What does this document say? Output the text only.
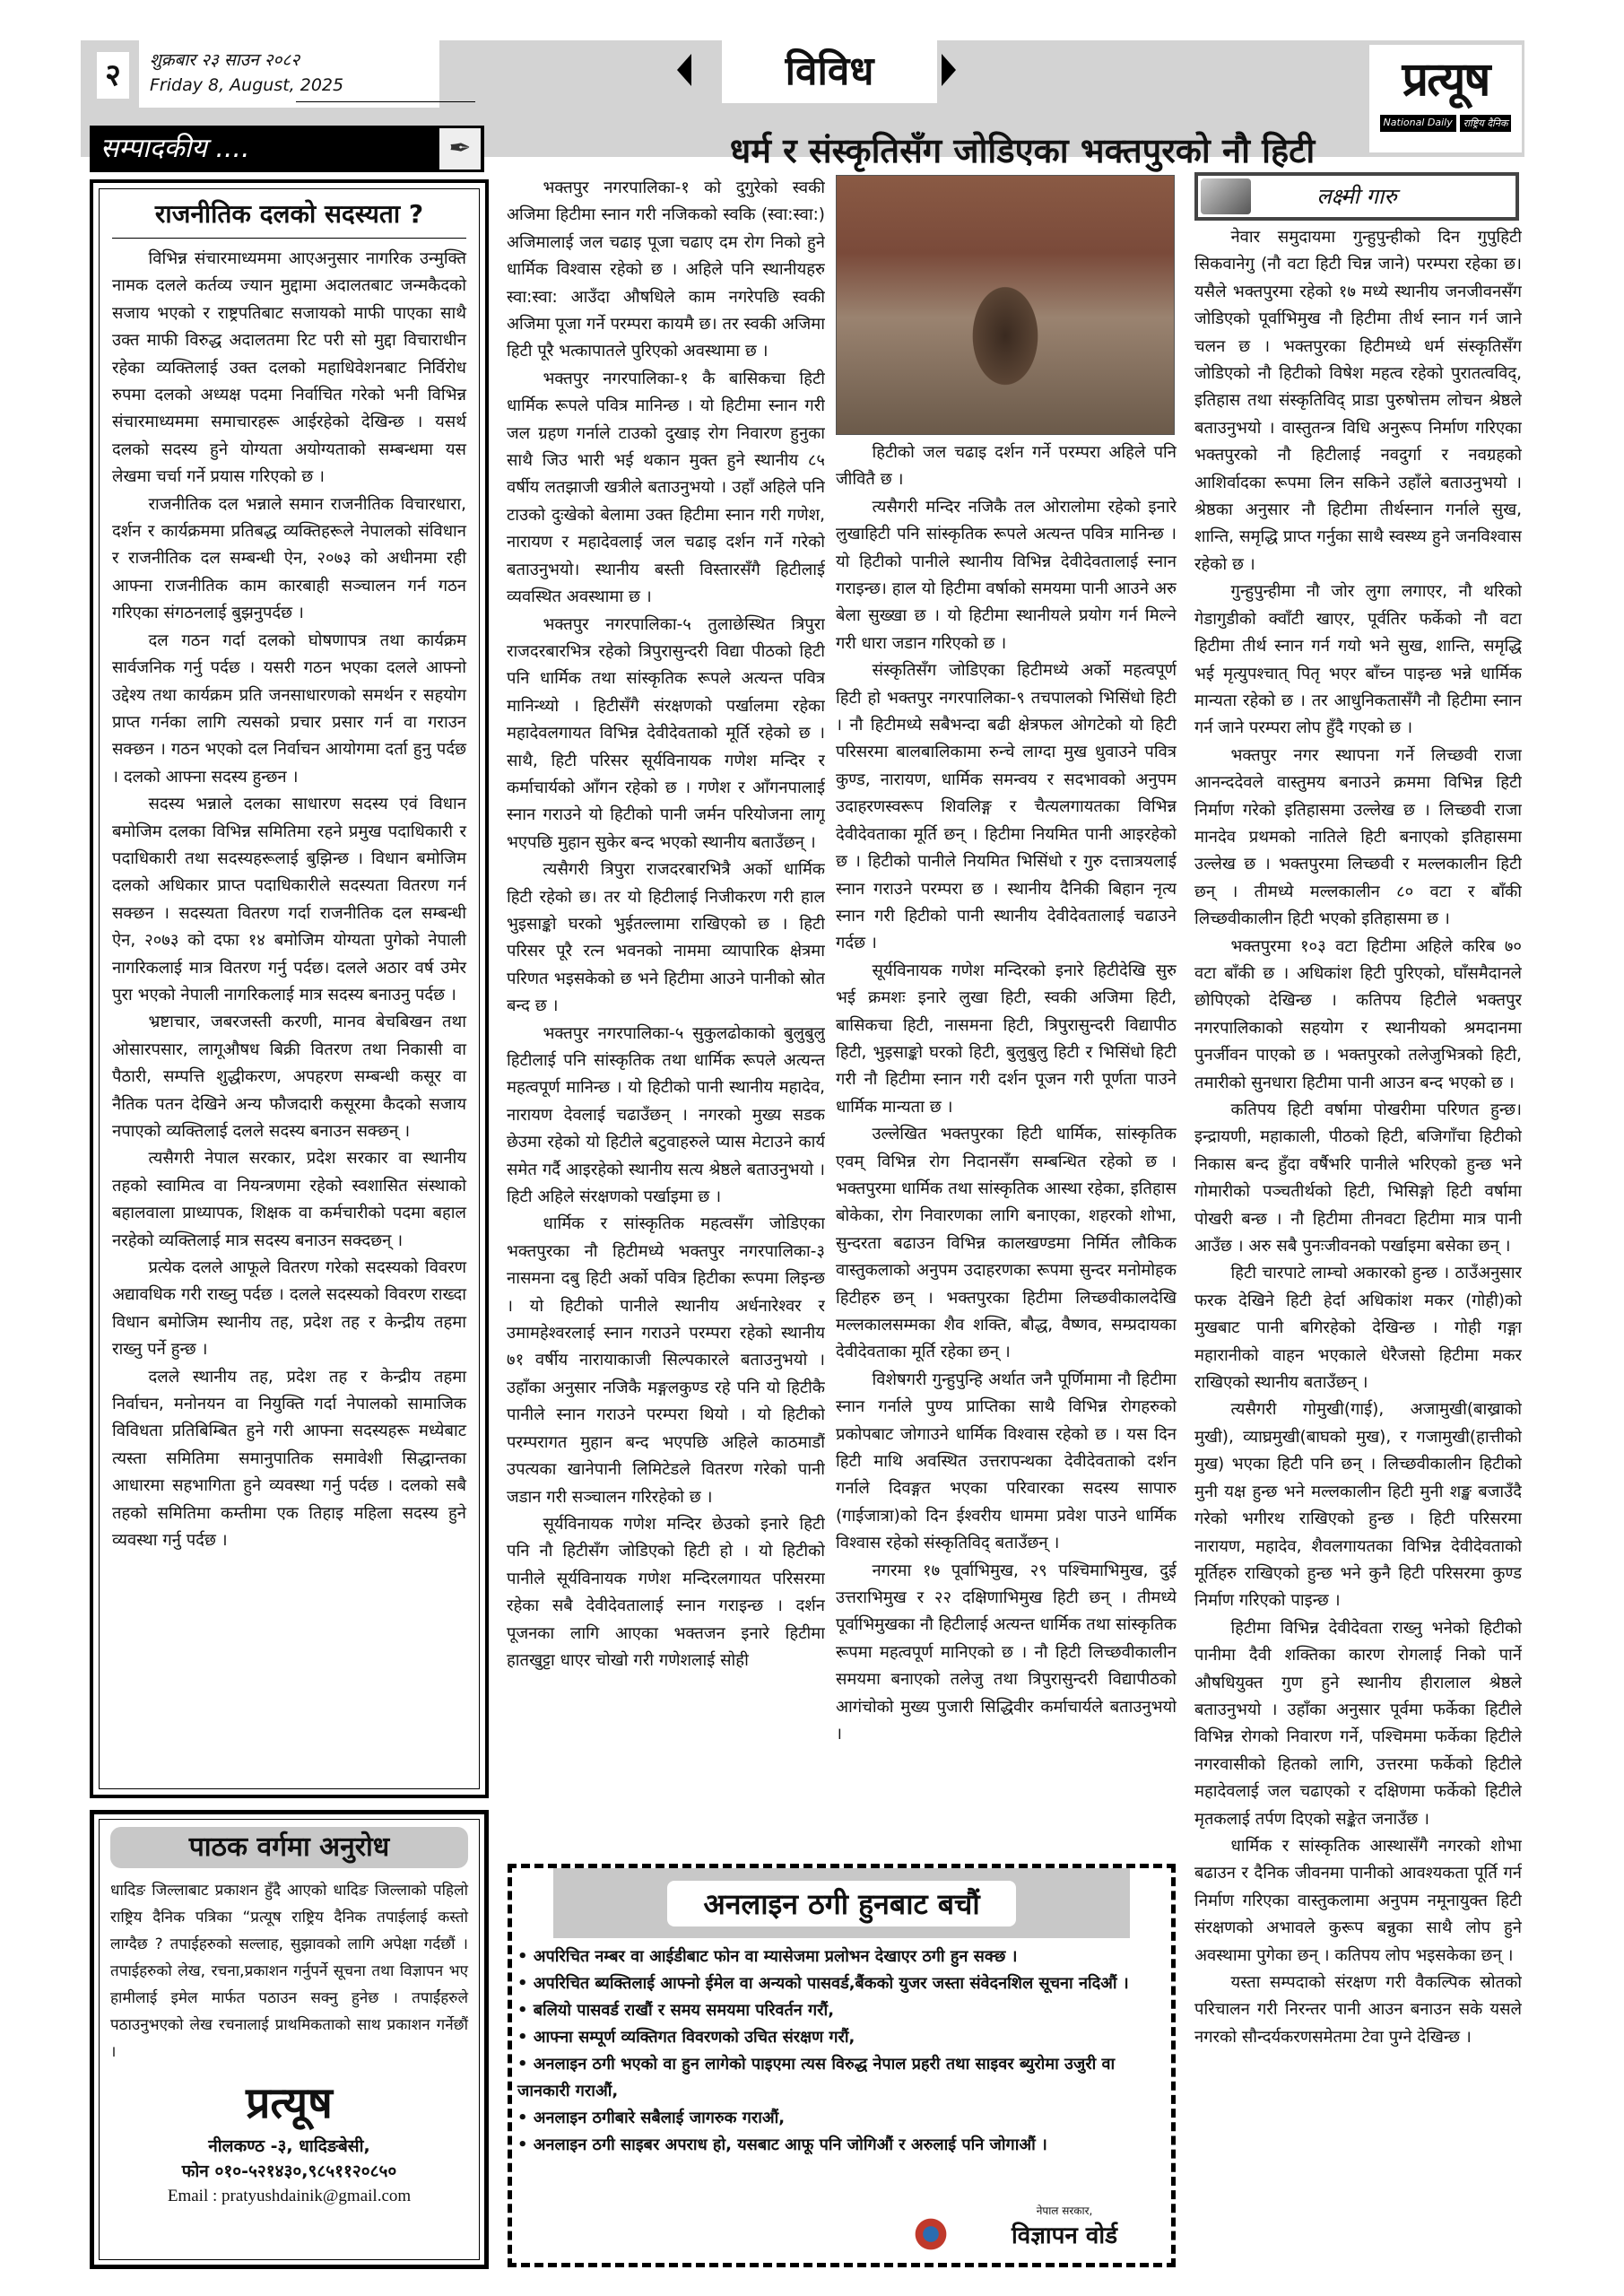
२	शुक्रबार २३ साउन २०८२
Friday 8, August, 2025	विविध	प्रत्यूष
National Daily	राष्ट्रिय दैनिक
सम्पादकीय ....	✒
राजनीतिक दलको सदस्यता ?

विभिन्न संचारमाध्यममा आएअनुसार नागरिक उन्मुक्ति नामक दलले कर्तव्य ज्यान मुद्दामा अदालतबाट जन्मकैदको सजाय भएको र राष्ट्रपतिबाट सजायको माफी पाएका साथै उक्त माफी विरुद्ध अदालतमा रिट परी सो मुद्दा विचाराधीन रहेका व्यक्तिलाई उक्त दलको महाधिवेशनबाट निर्विरोध रुपमा दलको अध्यक्ष पदमा निर्वाचित गरेको भनी विभिन्न संचारमाध्यममा समाचारहरू आईरहेको देखिन्छ । यसर्थ दलको सदस्य हुने योग्यता अयोग्यताको सम्बन्धमा यस लेखमा चर्चा गर्ने प्रयास गरिएको छ ।

राजनीतिक दल भन्नाले समान राजनीतिक विचारधारा, दर्शन र कार्यक्रममा प्रतिबद्ध व्यक्तिहरूले नेपालको संविधान र राजनीतिक दल सम्बन्धी ऐन, २०७३ को अधीनमा रही आफ्ना राजनीतिक काम कारबाही सञ्चालन गर्न गठन गरिएका संगठनलाई बुझनुपर्दछ ।

दल गठन गर्दा दलको घोषणापत्र तथा कार्यक्रम सार्वजनिक गर्नु पर्दछ । यसरी गठन भएका दलले आफ्नो उद्देश्य तथा कार्यक्रम प्रति जनसाधारणको समर्थन र सहयोग प्राप्त गर्नका लागि त्यसको प्रचार प्रसार गर्न वा गराउन सक्छन । गठन भएको दल निर्वाचन आयोगमा दर्ता हुनु पर्दछ । दलको आफ्ना सदस्य हुन्छन ।

सदस्य भन्नाले दलका साधारण सदस्य एवं विधान बमोजिम दलका विभिन्न समितिमा रहने प्रमुख पदाधिकारी र पदाधिकारी तथा सदस्यहरूलाई बुझिन्छ । विधान बमोजिम दलको अधिकार प्राप्त पदाधिकारीले सदस्यता वितरण गर्न सक्छन । सदस्यता वितरण गर्दा राजनीतिक दल सम्बन्धी ऐन, २०७३ को दफा १४ बमोजिम योग्यता पुगेको नेपाली नागरिकलाई मात्र वितरण गर्नु पर्दछ। दलले अठार वर्ष उमेर पुरा भएको नेपाली नागरिकलाई मात्र सदस्य बनाउनु पर्दछ ।

भ्रष्टाचार, जबरजस्ती करणी, मानव बेचबिखन तथा ओसारपसार, लागूऔषध बिक्री वितरण तथा निकासी वा पैठारी, सम्पत्ति शुद्धीकरण, अपहरण सम्बन्धी कसूर वा नैतिक पतन देखिने अन्य फौजदारी कसूरमा कैदको सजाय नपाएको व्यक्तिलाई दलले सदस्य बनाउन सक्छन् ।

त्यसैगरी नेपाल सरकार, प्रदेश सरकार वा स्थानीय तहको स्वामित्व वा नियन्त्रणमा रहेको स्वशासित संस्थाको बहालवाला प्राध्यापक, शिक्षक वा कर्मचारीको पदमा बहाल नरहेको व्यक्तिलाई मात्र सदस्य बनाउन सक्दछन् ।

प्रत्येक दलले आफूले वितरण गरेको सदस्यको विवरण अद्यावधिक गरी राख्नु पर्दछ । दलले सदस्यको विवरण राख्दा विधान बमोजिम स्थानीय तह, प्रदेश तह र केन्द्रीय तहमा राख्नु पर्ने हुन्छ ।

दलले स्थानीय तह, प्रदेश तह र केन्द्रीय तहमा निर्वाचन, मनोनयन वा नियुक्ति गर्दा नेपालको सामाजिक विविधता प्रतिबिम्बित हुने गरी आफ्ना सदस्यहरू मध्येबाट त्यस्ता समितिमा समानुपातिक समावेशी सिद्धान्तका आधारमा सहभागिता हुने व्यवस्था गर्नु पर्दछ । दलको सबै तहको समितिमा कम्तीमा एक तिहाइ महिला सदस्य हुने व्यवस्था गर्नु पर्दछ ।

धर्म र संस्कृतिसँग जोडिएका भक्तपुरको नौ हिटी

भक्तपुर नगरपालिका-१ को दुगुरेको स्वकी अजिमा हिटीमा स्नान गरी नजिकको स्वकि (स्वा:स्वा:) अजिमालाई जल चढाइ पूजा चढाए दम रोग निको हुने धार्मिक विश्वास रहेको छ । अहिले पनि स्थानीयहरु स्वा:स्वा: आउँदा औषधिले काम नगरेपछि स्वकी अजिमा पूजा गर्ने परम्परा कायमै छ। तर स्वकी अजिमा हिटी पूरै भत्कापातले पुरिएको अवस्थामा छ ।

भक्तपुर नगरपालिका-१ कै बासिकचा हिटी धार्मिक रूपले पवित्र मानिन्छ । यो हिटीमा स्नान गरी जल ग्रहण गर्नाले टाउको दुखाइ रोग निवारण हुनुका साथै जिउ भारी भई थकान मुक्त हुने स्थानीय ८५ वर्षीय लतझाजी खत्रीले बताउनुभयो । उहाँ अहिले पनि टाउको दुःखेको बेलामा उक्त हिटीमा स्नान गरी गणेश, नारायण र महादेवलाई जल चढाइ दर्शन गर्ने गरेको बताउनुभयो। स्थानीय बस्ती विस्तारसँगै हिटीलाई व्यवस्थित अवस्थामा छ ।

भक्तपुर नगरपालिका-५ तुलाछेस्थित त्रिपुरा राजदरबारभित्र रहेको त्रिपुरासुन्दरी विद्या पीठको हिटी पनि धार्मिक तथा सांस्कृतिक रूपले अत्यन्त पवित्र मानिन्थ्यो । हिटीसँगै संरक्षणको पर्खालमा रहेका महादेवलगायत विभिन्न देवीदेवताको मूर्ति रहेको छ । साथै, हिटी परिसर सूर्यविनायक गणेश मन्दिर र कर्माचार्यको आँगन रहेको छ । गणेश र आँगनपालाई स्नान गराउने यो हिटीको पानी जर्मन परियोजना लागू भएपछि मुहान सुकेर बन्द भएको स्थानीय बताउँछन् ।

त्यसैगरी त्रिपुरा राजदरबारभित्रै अर्को धार्मिक हिटी रहेको छ। तर यो हिटीलाई निजीकरण गरी हाल भुइसाङ्को घरको भुईतल्लामा राखिएको छ । हिटी परिसर पूरै रत्न भवनको नाममा व्यापारिक क्षेत्रमा परिणत भइसकेको छ भने हिटीमा आउने पानीको स्रोत बन्द छ ।

भक्तपुर नगरपालिका-५ सुकुलढोकाको बुलुबुलु हिटीलाई पनि सांस्कृतिक तथा धार्मिक रूपले अत्यन्त महत्वपूर्ण मानिन्छ । यो हिटीको पानी स्थानीय महादेव, नारायण देवलाई चढाउँछन् । नगरको मुख्य सडक छेउमा रहेको यो हिटीले बटुवाहरुले प्यास मेटाउने कार्य समेत गर्दै आइरहेको स्थानीय सत्य श्रेष्ठले बताउनुभयो । हिटी अहिले संरक्षणको पर्खाइमा छ ।

धार्मिक र सांस्कृतिक महत्वसँग जोडिएका भक्तपुरका नौ हिटीमध्ये भक्तपुर नगरपालिका-३ नासमना दबु हिटी अर्को पवित्र हिटीका रूपमा लिइन्छ । यो हिटीको पानीले स्थानीय अर्धनारेश्वर र उमामहेश्वरलाई स्नान गराउने परम्परा रहेको स्थानीय ७१ वर्षीय नारायाकाजी सिल्पकारले बताउनुभयो । उहाँका अनुसार नजिकै मङ्गलकुण्ड रहे पनि यो हिटीकै पानीले स्नान गराउने परम्परा थियो । यो हिटीको परम्परागत मुहान बन्द भएपछि अहिले काठमाडौं उपत्यका खानेपानी लिमिटेडले वितरण गरेको पानी जडान गरी सञ्चालन गरिरहेको छ ।

सूर्यविनायक गणेश मन्दिर छेउको इनारे हिटी पनि नौ हिटीसँग जोडिएको हिटी हो । यो हिटीको पानीले सूर्यविनायक गणेश मन्दिरलगायत परिसरमा रहेका सबै देवीदेवतालाई स्नान गराइन्छ । दर्शन पूजनका लागि आएका भक्तजन इनारे हिटीमा हातखुट्टा धाएर चोखो गरी गणेशलाई सोही

हिटीको जल चढाइ दर्शन गर्ने परम्परा अहिले पनि जीवितै छ ।

त्यसैगरी मन्दिर नजिकै तल ओरालोमा रहेको इनारे लुखाहिटी पनि सांस्कृतिक रूपले अत्यन्त पवित्र मानिन्छ । यो हिटीको पानीले स्थानीय विभिन्न देवीदेवतालाई स्नान गराइन्छ। हाल यो हिटीमा वर्षाको समयमा पानी आउने अरु बेला सुख्खा छ । यो हिटीमा स्थानीयले प्रयोग गर्न मिल्ने गरी धारा जडान गरिएको छ ।

संस्कृतिसँग जोडिएका हिटीमध्ये अर्को महत्वपूर्ण हिटी हो भक्तपुर नगरपालिका-९ तचपालको भिसिंधो हिटी । नौ हिटीमध्ये सबैभन्दा बढी क्षेत्रफल ओगटेको यो हिटी परिसरमा बालबालिकामा रुन्चे लाग्दा मुख धुवाउने पवित्र कुण्ड, नारायण, धार्मिक समन्वय र सदभावको अनुपम उदाहरणस्वरूप शिवलिङ्ग र चैत्यलगायतका विभिन्न देवीदेवताका मूर्ति छन् । हिटीमा नियमित पानी आइरहेको छ । हिटीको पानीले नियमित भिसिंधो र गुरु दत्तात्रयलाई स्नान गराउने परम्परा छ । स्थानीय दैनिकी बिहान नृत्य स्नान गरी हिटीको पानी स्थानीय देवीदेवतालाई चढाउने गर्दछ ।

सूर्यविनायक गणेश मन्दिरको इनारे हिटीदेखि सुरु भई क्रमशः इनारे लुखा हिटी, स्वकी अजिमा हिटी, बासिकचा हिटी, नासमना हिटी, त्रिपुरासुन्दरी विद्यापीठ हिटी, भुइसाङ्को घरको हिटी, बुलुबुलु हिटी र भिसिंधो हिटी गरी नौ हिटीमा स्नान गरी दर्शन पूजन गरी पूर्णता पाउने धार्मिक मान्यता छ ।

उल्लेखित भक्तपुरका हिटी धार्मिक, सांस्कृतिक एवम् विभिन्न रोग निदानसँग सम्बन्धित रहेको छ । भक्तपुरमा धार्मिक तथा सांस्कृतिक आस्था रहेका, इतिहास बोकेका, रोग निवारणका लागि बनाएका, शहरको शोभा, सुन्दरता बढाउन विभिन्न कालखण्डमा निर्मित लौकिक वास्तुकलाको अनुपम उदाहरणका रूपमा सुन्दर मनोमोहक हिटीहरु छन् । भक्तपुरका हिटीमा लिच्छवीकालदेखि मल्लकालसम्मका शैव शक्ति, बौद्ध, वैष्णव, सम्प्रदायका देवीदेवताका मूर्ति रहेका छन् ।

विशेषगरी गुन्हुपुन्हि अर्थात जनै पूर्णिमामा नौ हिटीमा स्नान गर्नाले पुण्य प्राप्तिका साथै विभिन्न रोगहरुको प्रकोपबाट जोगाउने धार्मिक विश्वास रहेको छ । यस दिन हिटी माथि अवस्थित उत्तरापन्थका देवीदेवताको दर्शन गर्नाले दिवङ्गत भएका परिवारका सदस्य सापारु (गाईजात्रा)को दिन ईश्वरीय धाममा प्रवेश पाउने धार्मिक विश्वास रहेको संस्कृतिविद् बताउँछन् ।

नगरमा १७ पूर्वाभिमुख, २९ पश्चिमाभिमुख, दुई उत्तराभिमुख र २२ दक्षिणाभिमुख हिटी छन् । तीमध्ये पूर्वाभिमुखका नौ हिटीलाई अत्यन्त धार्मिक तथा सांस्कृतिक रूपमा महत्वपूर्ण मानिएको छ । नौ हिटी लिच्छवीकालीन समयमा बनाएको तलेजु तथा त्रिपुरासुन्दरी विद्यापीठको आगंचोको मुख्य पुजारी सिद्धिवीर कर्माचार्यले बताउनुभयो ।

लक्ष्मी गारु

नेवार समुदायमा गुन्हुपुन्हीको दिन गुपुहिटी सिकवानेगु (नौ वटा हिटी चिन्न जाने) परम्परा रहेका छ। यसैले भक्तपुरमा रहेको १७ मध्ये स्थानीय जनजीवनसँग जोडिएको पूर्वाभिमुख नौ हिटीमा तीर्थ स्नान गर्न जाने चलन छ । भक्तपुरका हिटीमध्ये धर्म संस्कृतिसँग जोडिएको नौ हिटीको विषेश महत्व रहेको पुरातत्वविद्, इतिहास तथा संस्कृतिविद् प्राडा पुरुषोत्तम लोचन श्रेष्ठले बताउनुभयो । वास्तुतन्त्र विधि अनुरूप निर्माण गरिएका भक्तपुरको नौ हिटीलाई नवदुर्गा र नवग्रहको आशिर्वादका रूपमा लिन सकिने उहाँले बताउनुभयो । श्रेष्ठका अनुसार नौ हिटीमा तीर्थस्नान गर्नाले सुख, शान्ति, समृद्धि प्राप्त गर्नुका साथै स्वस्थ्य हुने जनविश्वास रहेको छ ।

गुन्हुपुन्हीमा नौ जोर लुगा लगाएर, नौ थरिको गेडागुडीको क्वाँटी खाएर, पूर्वतिर फर्केको नौ वटा हिटीमा तीर्थ स्नान गर्न गयो भने सुख, शान्ति, समृद्धि भई मृत्युपश्चात् पितृ भएर बाँच्न पाइन्छ भन्ने धार्मिक मान्यता रहेको छ । तर आधुनिकतासँगै नौ हिटीमा स्नान गर्न जाने परम्परा लोप हुँदै गएको छ ।

भक्तपुर नगर स्थापना गर्ने लिच्छवी राजा आनन्ददेवले वास्तुमय बनाउने क्रममा विभिन्न हिटी निर्माण गरेको इतिहासमा उल्लेख छ । लिच्छवी राजा मानदेव प्रथमको नातिले हिटी बनाएको इतिहासमा उल्लेख छ । भक्तपुरमा लिच्छवी र मल्लकालीन हिटी छन् । तीमध्ये मल्लकालीन ८० वटा र बाँकी लिच्छवीकालीन हिटी भएको इतिहासमा छ ।

भक्तपुरमा १०३ वटा हिटीमा अहिले करिब ७० वटा बाँकी छ । अधिकांश हिटी पुरिएको, घाँसमैदानले छोपिएको देखिन्छ । कतिपय हिटीले भक्तपुर नगरपालिकाको सहयोग र स्थानीयको श्रमदानमा पुनर्जीवन पाएको छ । भक्तपुरको तलेजुभित्रको हिटी, तमारीको सुनधारा हिटीमा पानी आउन बन्द भएको छ ।

कतिपय हिटी वर्षामा पोखरीमा परिणत हुन्छ। इन्द्रायणी, महाकाली, पीठको हिटी, बजिगाँचा हिटीको निकास बन्द हुँदा वर्षैभरि पानीले भरिएको हुन्छ भने गोमारीको पञ्चतीर्थको हिटी, भिसिङ्गो हिटी वर्षामा पोखरी बन्छ । नौ हिटीमा तीनवटा हिटीमा मात्र पानी आउँछ । अरु सबै पुनःजीवनको पर्खाइमा बसेका छन् ।

हिटी चारपाटे लाम्चो अकारको हुन्छ । ठाउँअनुसार फरक देखिने हिटी हेर्दा अधिकांश मकर (गोही)को मुखबाट पानी बगिरहेको देखिन्छ । गोही गङ्गा महारानीको वाहन भएकाले धेरैजसो हिटीमा मकर राखिएको स्थानीय बताउँछन् ।

त्यसैगरी गोमुखी(गाई), अजामुखी(बाख्राको मुखी), व्याघ्रमुखी(बाघको मुख), र गजामुखी(हात्तीको मुख) भएका हिटी पनि छन् । लिच्छवीकालीन हिटीको मुनी यक्ष हुन्छ भने मल्लकालीन हिटी मुनी शङ्ख बजाउँदै गरेको भगीरथ राखिएको हुन्छ । हिटी परिसरमा नारायण, महादेव, शैवलगायतका विभिन्न देवीदेवताको मूर्तिहरु राखिएको हुन्छ भने कुनै हिटी परिसरमा कुण्ड निर्माण गरिएको पाइन्छ ।

हिटीमा विभिन्न देवीदेवता राख्नु भनेको हिटीको पानीमा दैवी शक्तिका कारण रोगलाई निको पार्ने औषधियुक्त गुण हुने स्थानीय हीरालाल श्रेष्ठले बताउनुभयो । उहाँका अनुसार पूर्वमा फर्केका हिटीले विभिन्न रोगको निवारण गर्ने, पश्चिममा फर्केका हिटीले नगरवासीको हितको लागि, उत्तरमा फर्केको हिटीले महादेवलाई जल चढाएको र दक्षिणमा फर्केको हिटीले मृतकलाई तर्पण दिएको सङ्केत जनाउँछ ।

धार्मिक र सांस्कृतिक आस्थासँगै नगरको शोभा बढाउन र दैनिक जीवनमा पानीको आवश्यकता पूर्ति गर्न निर्माण गरिएका वास्तुकलामा अनुपम नमूनायुक्त हिटी संरक्षणको अभावले कुरूप बन्नुका साथै लोप हुने अवस्थामा पुगेका छन् । कतिपय लोप भइसकेका छन् ।

यस्ता सम्पदाको संरक्षण गरी वैकल्पिक स्रोतको परिचालन गरी निरन्तर पानी आउन बनाउन सके यसले नगरको सौन्दर्यकरणसमेतमा टेवा पुग्ने देखिन्छ ।

पाठक वर्गमा अनुरोध
धादिङ जिल्लाबाट प्रकाशन हुँदै आएको धादिङ जिल्लाको पहिलो राष्ट्रिय दैनिक पत्रिका “प्रत्यूष राष्ट्रिय दैनिक तपाईलाई कस्तो लाग्दैछ ? तपाईहरुको सल्लाह, सुझावको लागि अपेक्षा गर्दछौं । तपाईहरुको लेख, रचना,प्रकाशन गर्नुपर्ने सूचना तथा विज्ञापन भए हामीलाई इमेल मार्फत पठाउन सक्नु हुनेछ । तपाईंहरुले पठाउनुभएको लेख रचनालाई प्राथमिकताको साथ प्रकाशन गर्नेछौं ।
प्रत्यूष
नीलकण्ठ -३, धादिङबेसी,
फोन ०१०-५२१४३०,९८५११२०८५०
Email : pratyushdainik@gmail.com
अनलाइन ठगी हुनबाट बचौं
• अपरिचित नम्बर वा आईडीबाट फोन वा म्यासेजमा प्रलोभन देखाएर ठगी हुन सक्छ ।
• अपरिचित ब्यक्तिलाई आफ्नो ईमेल वा अन्यको पासवर्ड,बैंकको युजर जस्ता संवेदनशिल सूचना नदिऔं ।
• बलियो पासवर्ड राखौं र समय समयमा परिवर्तन गरौं,
• आफ्ना सम्पूर्ण व्यक्तिगत विवरणको उचित संरक्षण गरौं,
• अनलाइन ठगी भएको वा हुन लागेको पाइएमा त्यस विरुद्ध नेपाल प्रहरी तथा साइवर ब्युरोमा उजुरी वा जानकारी गराऔं,
• अनलाइन ठगीबारे सबैलाई जागरुक गराऔं,
• अनलाइन ठगी साइबर अपराध हो, यसबाट आफू पनि जोगिऔं र अरुलाई पनि जोगाऔं ।
नेपाल सरकार,
विज्ञापन वोर्ड
